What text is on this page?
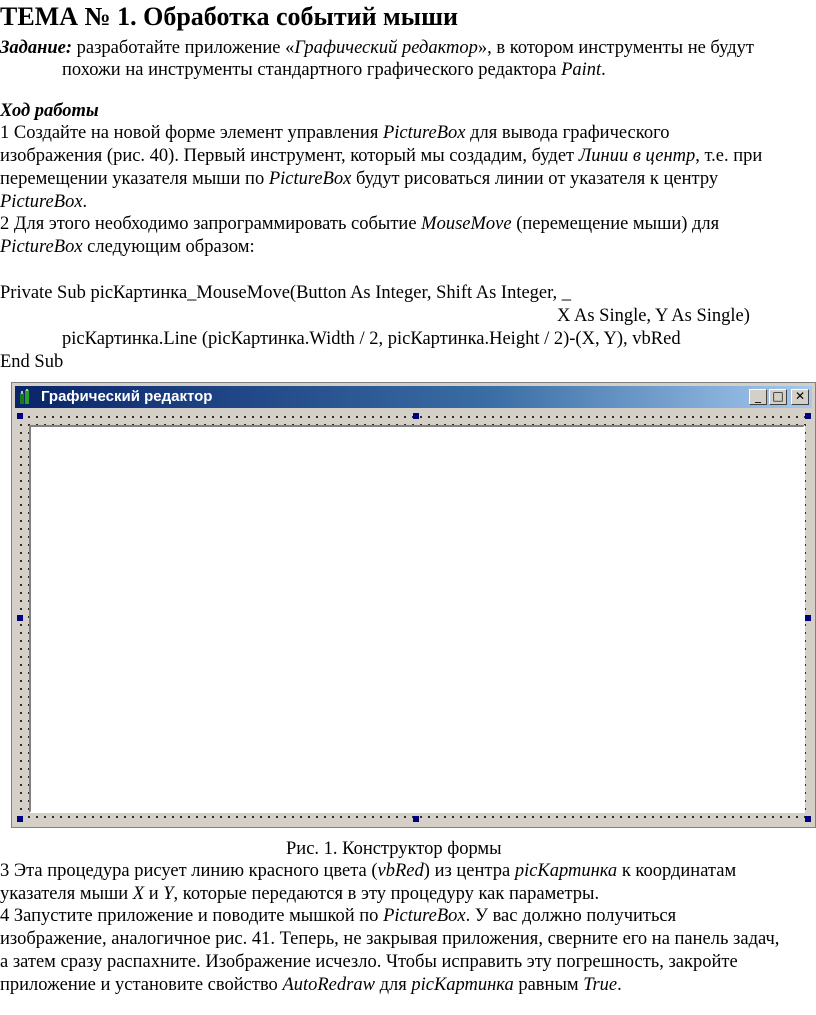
ТЕМА № 1. Обработка событий мыши
Задание: разработайте приложение «Графический редактор», в котором инструменты не будут
похожи на инструменты стандартного графического редактора Paint.
Ход работы
1 Создайте на новой форме элемент управления PictureBox для вывода графического
изображения (рис. 40). Первый инструмент, который мы создадим, будет Линии в центр, т.е. при
перемещении указателя мыши по PictureBox будут рисоваться линии от указателя к центру
PictureBox.
2 Для этого необходимо запрограммировать событие MouseMove (перемещение мыши) для
PictureBox следующим образом:
Private Sub picКартинка_MouseMove(Button As Integer, Shift As Integer, _
X As Single, Y As Single)
picКартинка.Line (picКартинка.Width / 2, picКартинка.Height / 2)-(X, Y), vbRed
End Sub
Графический редактор	_ □ ✕
Рис. 1. Конструктор формы
3 Эта процедура рисует линию красного цвета (vbRed) из центра picКартинка к координатам
указателя мыши X и Y, которые передаются в эту процедуру как параметры.
4 Запустите приложение и поводите мышкой по PictureBox. У вас должно получиться
изображение, аналогичное рис. 41. Теперь, не закрывая приложения, сверните его на панель задач,
а затем сразу распахните. Изображение исчезло. Чтобы исправить эту погрешность, закройте
приложение и установите свойство AutoRedraw для picКартинка равным True.
